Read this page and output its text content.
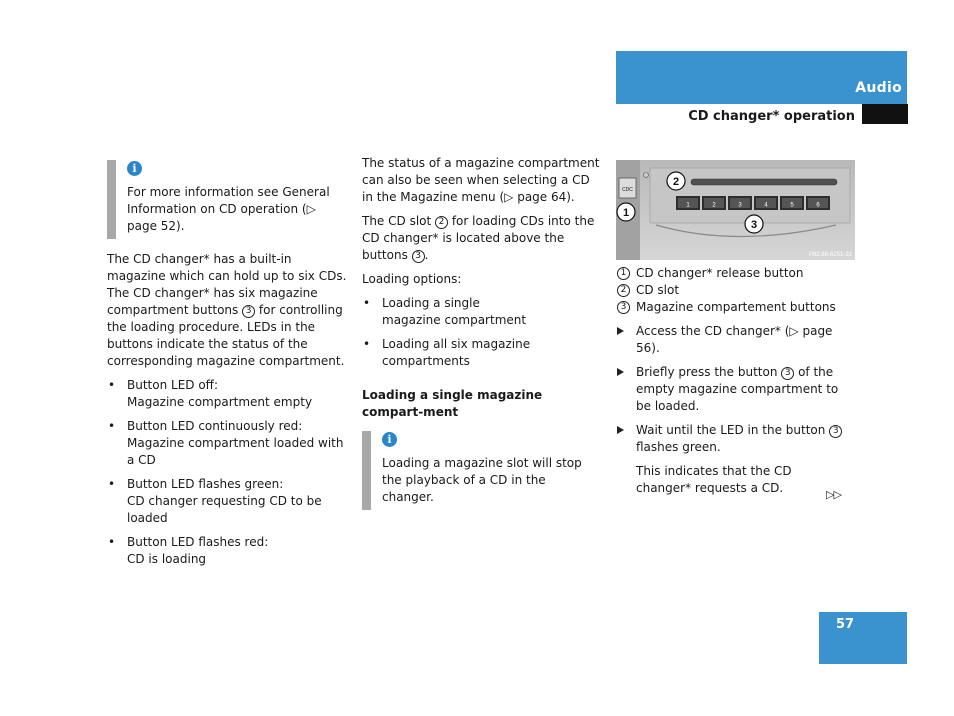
Audio
CD changer* operation
i

For more information see General Information on CD operation (▷ page 52).

The CD changer* has a built-in magazine which can hold up to six CDs. The CD changer* has six magazine compartment buttons 3 for controlling the loading procedure. LEDs in the buttons indicate the status of the corresponding magazine compartment.

• Button LED off:
Magazine compartment empty
• Button LED continuously red:
Magazine compartment loaded with a CD
• Button LED flashes green:
CD changer requesting CD to be loaded
• Button LED flashes red:
CD is loading

The status of a magazine compartment can also be seen when selecting a CD in the Magazine menu (▷ page 64).

The CD slot 2 for loading CDs into the CD changer* is located above the buttons 3 .

Loading options:

• Loading a single magazine compartment
• Loading all six magazine compartments

Loading a single magazine compart-ment

i

Loading a magazine slot will stop the playback of a CD in the changer.

CDC
1	2	3	4	5	6
2
1
3
P82.86-6251-31
1 CD changer* release button
2 CD slot
3 Magazine compartement buttons
Access the CD changer* (▷ page 56).
Briefly press the button 3 of the empty magazine compartment to be loaded.
Wait until the LED in the button 3 flashes green.

This indicates that the CD changer* requests a CD.	▷▷
57
